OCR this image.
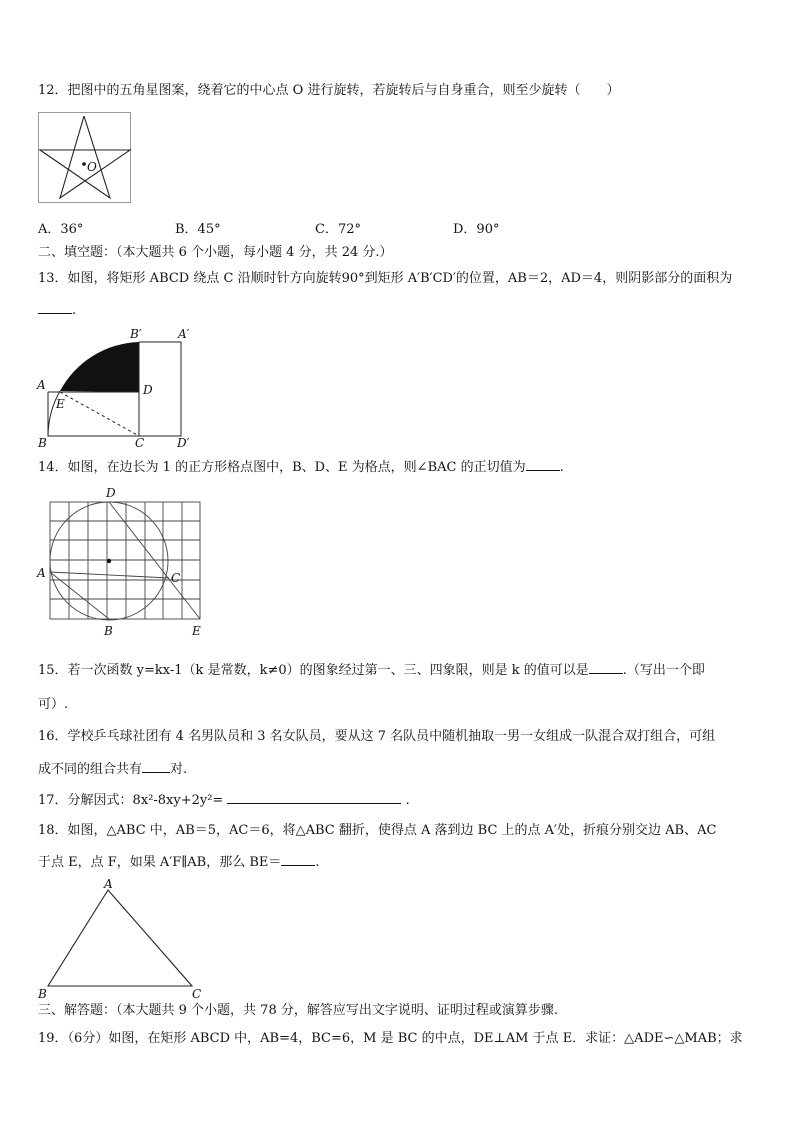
12．把图中的五角星图案，绕着它的中心点 O 进行旋转，若旋转后与自身重合，则至少旋转（　　）
O
A．36°	B．45°	C．72°	D．90°
二、填空题：（本大题共 6 个小题，每小题 4 分，共 24 分.）
13．如图，将矩形 ABCD 绕点 C 沿顺时针方向旋转90°到矩形 A′B′CD′的位置，AB＝2，AD＝4，则阴影部分的面积为
.
B′	A′
A	D
E
B	C	D′
14．如图，在边长为 1 的正方形格点图中，B、D、E 为格点，则∠BAC 的正切值为	.
D
A	C
B	E
15．若一次函数 y=kx-1（k 是常数，k≠0）的图象经过第一、三、四象限，则是 k 的值可以是	.（写出一个即
可）.
16．学校乒乓球社团有 4 名男队员和 3 名女队员，要从这 7 名队员中随机抽取一男一女组成一队混合双打组合，可组
成不同的组合共有 对.
17．分解因式：8x²-8xy+2y²=	.
18．如图，△ABC 中，AB＝5，AC＝6，将△ABC 翻折，使得点 A 落到边 BC 上的点 A′处，折痕分别交边 AB、AC
于点 E，点 F，如果 A′F∥AB，那么 BE＝	.
A
B	C
三、解答题：（本大题共 9 个小题，共 78 分，解答应写出文字说明、证明过程或演算步骤.
19．（6分）如图，在矩形 ABCD 中，AB=4，BC=6，M 是 BC 的中点，DE⊥AM 于点 E．求证：△ADE∽△MAB；求
